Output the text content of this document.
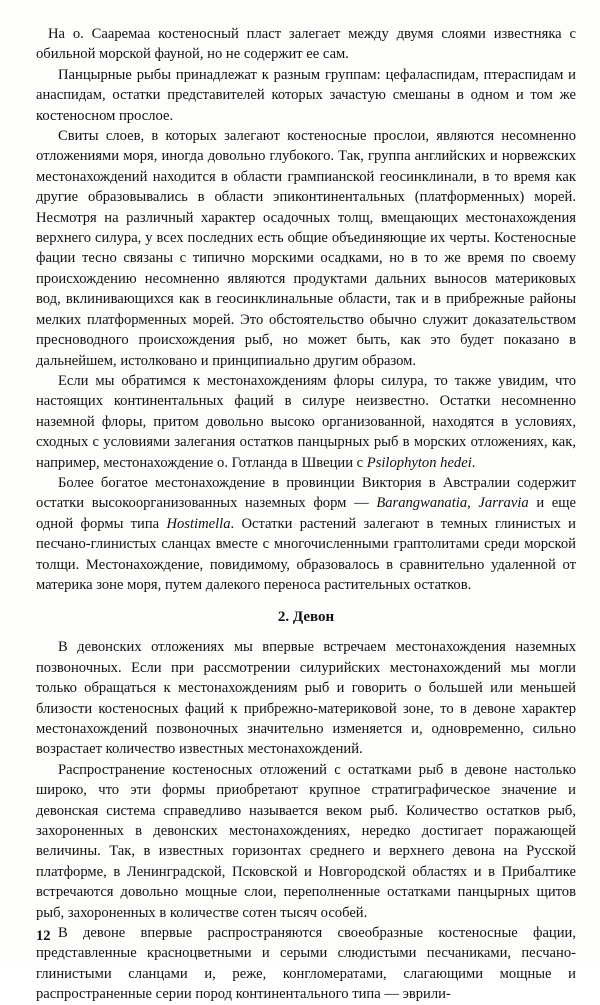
На о. Сааремаа костеносный пласт залегает между двумя слоями известняка с обильной морской фауной, но не содержит ее сам.

Панцырные рыбы принадлежат к разным группам: цефаласпидам, птераспидам и анаспидам, остатки представителей которых зачастую смешаны в одном и том же костеносном прослое.

Свиты слоев, в которых залегают костеносные прослои, являются несомненно отложениями моря, иногда довольно глубокого. Так, группа английских и норвежских местонахождений находится в области грампианской геосинклинали, в то время как другие образовывались в области эпиконтинентальных (платформенных) морей. Несмотря на различный характер осадочных толщ, вмещающих местонахождения верхнего силура, у всех последних есть общие объединяющие их черты. Костеносные фации тесно связаны с типично морскими осадками, но в то же время по своему происхождению несомненно являются продуктами дальних выносов материковых вод, вклинивающихся как в геосинклинальные области, так и в прибрежные районы мелких платформенных морей. Это обстоятельство обычно служит доказательством пресноводного происхождения рыб, но может быть, как это будет показано в дальнейшем, истолковано и принципиально другим образом.

Если мы обратимся к местонахождениям флоры силура, то также увидим, что настоящих континентальных фаций в силуре неизвестно. Остатки несомненно наземной флоры, притом довольно высоко организованной, находятся в условиях, сходных с условиями залегания остатков панцырных рыб в морских отложениях, как, например, местонахождение о. Готланда в Швеции с Psilophyton hedei.

Более богатое местонахождение в провинции Виктория в Австралии содержит остатки высокоорганизованных наземных форм — Barangwanatia, Jarravia и еще одной формы типа Hostimella. Остатки растений залегают в темных глинистых и песчано-глинистых сланцах вместе с многочисленными граптолитами среди морской толщи. Местонахождение, повидимому, образовалось в сравнительно удаленной от материка зоне моря, путем далекого переноса растительных остатков.

2. Девон

В девонских отложениях мы впервые встречаем местонахождения наземных позвоночных. Если при рассмотрении силурийских местонахождений мы могли только обращаться к местонахождениям рыб и говорить о большей или меньшей близости костеносных фаций к прибрежно-материковой зоне, то в девоне характер местонахождений позвоночных значительно изменяется и, одновременно, сильно возрастает количество известных местонахождений.

Распространение костеносных отложений с остатками рыб в девоне настолько широко, что эти формы приобретают крупное стратиграфическое значение и девонская система справедливо называется веком рыб. Количество остатков рыб, захороненных в девонских местонахождениях, нередко достигает поражающей величины. Так, в известных горизонтах среднего и верхнего девона на Русской платформе, в Ленинградской, Псковской и Новгородской областях и в Прибалтике встречаются довольно мощные слои, переполненные остатками панцырных щитов рыб, захороненных в количестве сотен тысяч особей.

В девоне впервые распространяются своеобразные костеносные фации, представленные красноцветными и серыми слюдистыми песчаниками, песчано-глинистыми сланцами и, реже, конгломератами, слагающими мощные и распространенные серии пород континентального типа — эврили-

12
